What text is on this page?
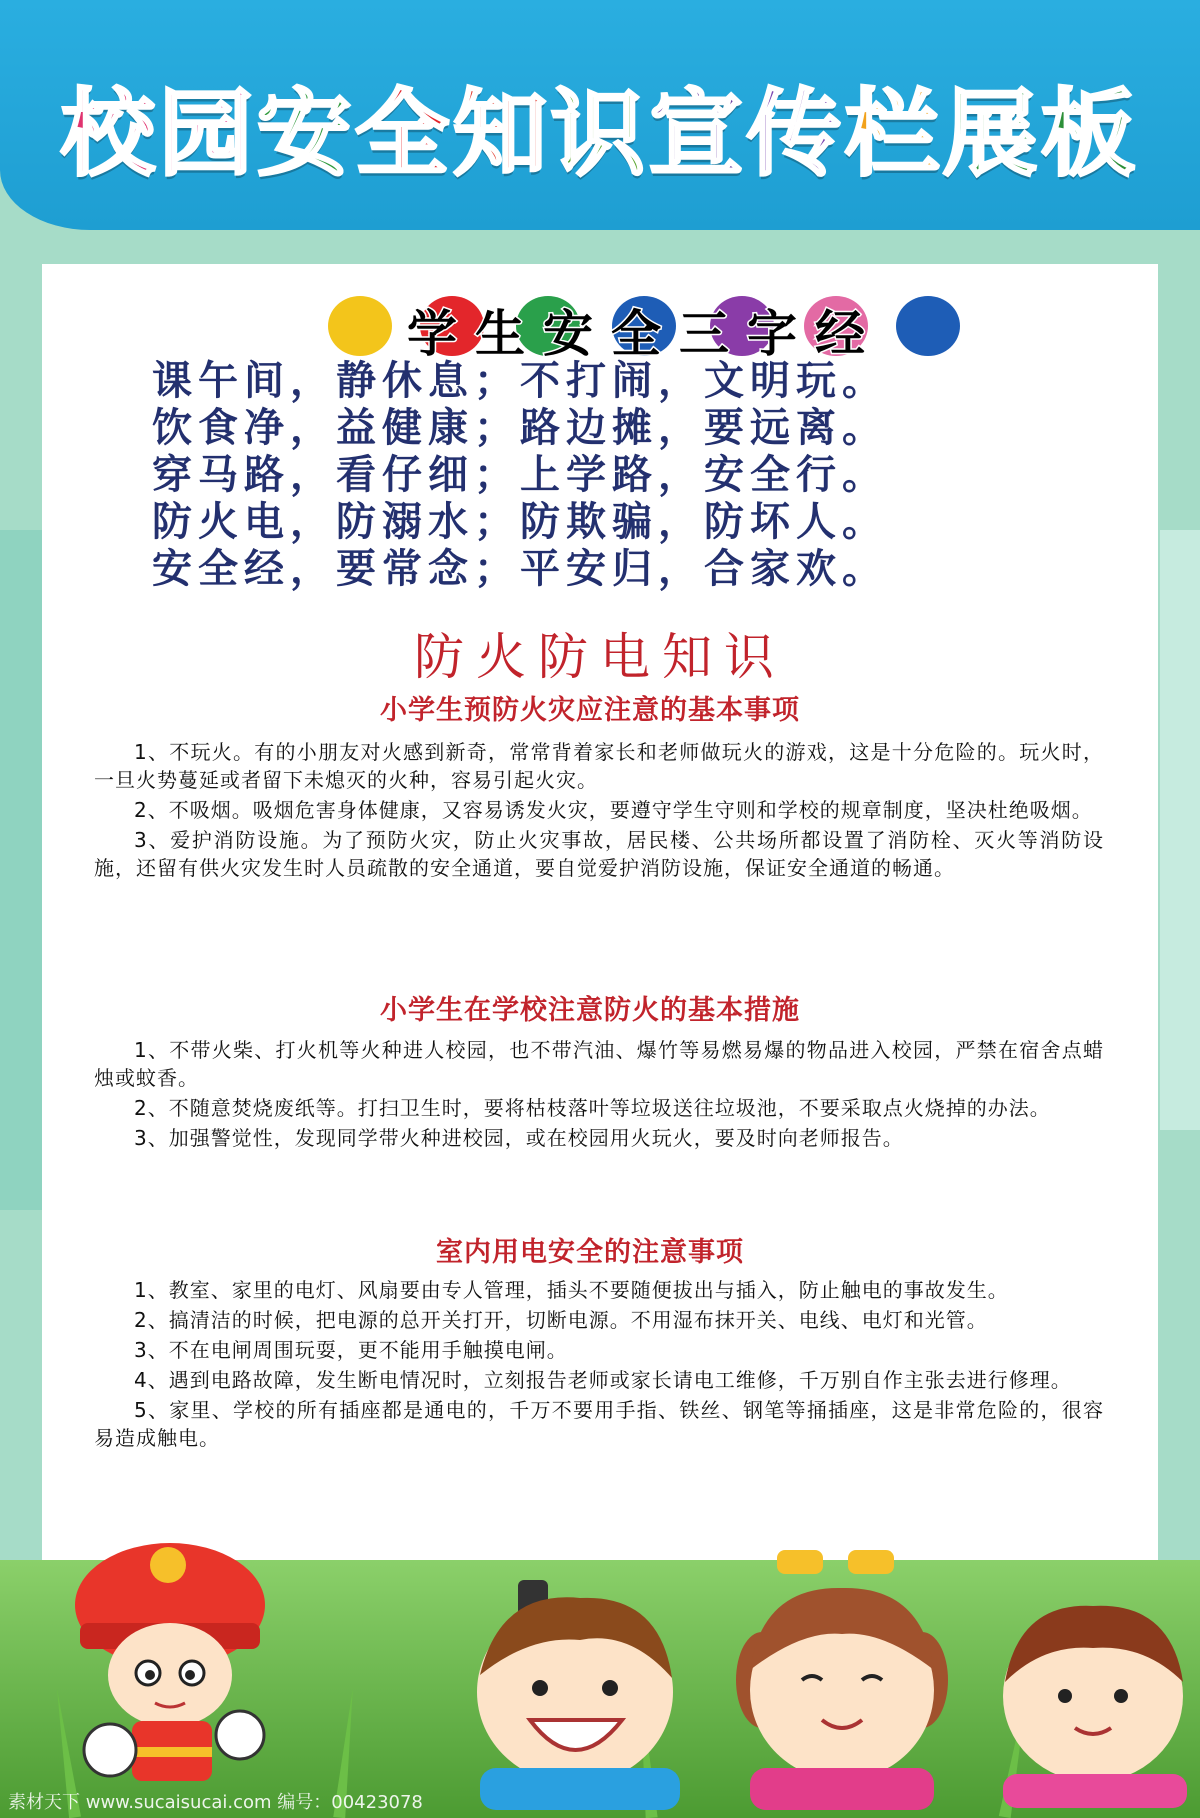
校园安全知识宣传栏展板
学生安全三字经
课午间，静休息；不打闹，文明玩。
饮食净，益健康；路边摊，要远离。
穿马路，看仔细；上学路，安全行。
防火电，防溺水；防欺骗，防坏人。
安全经，要常念；平安归，合家欢。
防火防电知识
小学生预防火灾应注意的基本事项

1、不玩火。有的小朋友对火感到新奇，常常背着家长和老师做玩火的游戏，这是十分危险的。玩火时，一旦火势蔓延或者留下未熄灭的火种，容易引起火灾。

2、不吸烟。吸烟危害身体健康，又容易诱发火灾，要遵守学生守则和学校的规章制度，坚决杜绝吸烟。

3、爱护消防设施。为了预防火灾，防止火灾事故，居民楼、公共场所都设置了消防栓、灭火等消防设施，还留有供火灾发生时人员疏散的安全通道，要自觉爱护消防设施，保证安全通道的畅通。

小学生在学校注意防火的基本措施

1、不带火柴、打火机等火种进人校园，也不带汽油、爆竹等易燃易爆的物品进入校园，严禁在宿舍点蜡烛或蚊香。

2、不随意焚烧废纸等。打扫卫生时，要将枯枝落叶等垃圾送往垃圾池，不要采取点火烧掉的办法。

3、加强警觉性，发现同学带火种进校园，或在校园用火玩火，要及时向老师报告。

室内用电安全的注意事项

1、教室、家里的电灯、风扇要由专人管理，插头不要随便拔出与插入，防止触电的事故发生。

2、搞清洁的时候，把电源的总开关打开，切断电源。不用湿布抹开关、电线、电灯和光管。

3、不在电闸周围玩耍，更不能用手触摸电闸。

4、遇到电路故障，发生断电情况时，立刻报告老师或家长请电工维修，千万别自作主张去进行修理。

5、家里、学校的所有插座都是通电的，千万不要用手指、铁丝、钢笔等捅插座，这是非常危险的，很容易造成触电。

素材天下 www.sucaisucai.com 编号：00423078
